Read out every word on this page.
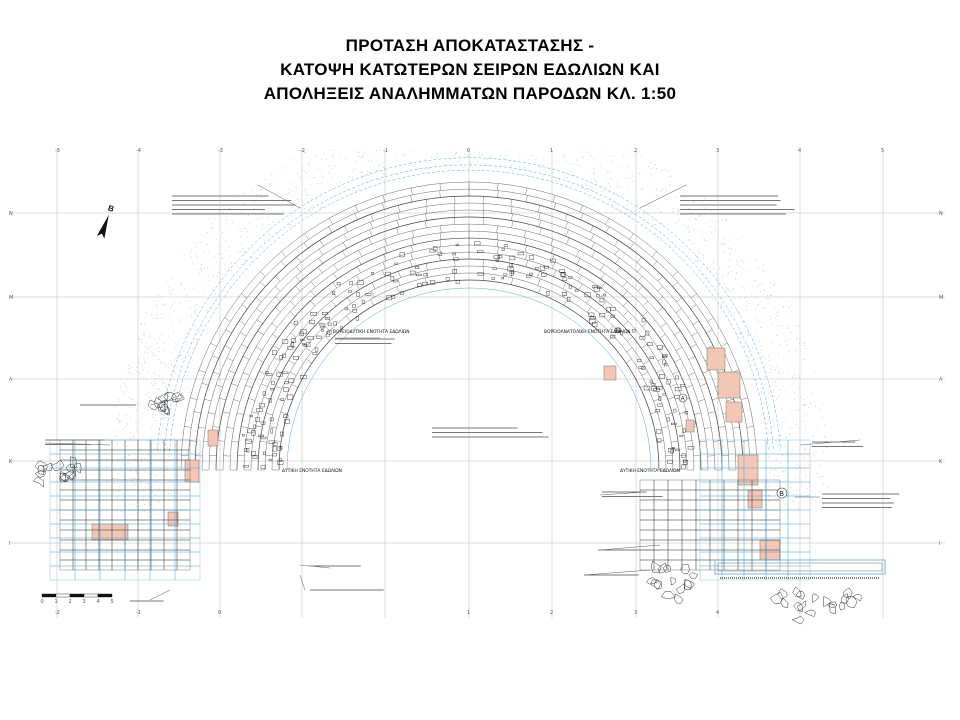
ΠΡΟΤΑΣΗ ΑΠΟΚΑΤΑΣΤΑΣΗΣ -
ΚΑΤΟΨΗ ΚΑΤΩΤΕΡΩΝ ΣΕΙΡΩΝ ΕΔΩΛΙΩΝ ΚΑΙ
ΑΠΟΛΗΞΕΙΣ ΑΝΑΛΗΜΜΑΤΩΝ ΠΑΡΟΔΩΝ ΚΛ. 1:50
-5	-4	-3	-2	-1	0	1	2	3	4	5
Ν	Ν
Μ	Μ
Λ	Λ
Κ	Κ
Ι	Ι
-2	-1	0	1	2	3	4
ΒΟΡΕΙΟΔΥΤΙΚΗ ΕΝΟΤΗΤΑ ΕΔΩΛΙΩΝ	ΒΟΡΕΙΟΑΝΑΤΟΛΙΚΗ ΕΝΟΤΗΤΑ ΕΔΩΛΙΩΝ
ΔΥΤΙΚΗ ΕΝΟΤΗΤΑ ΕΔΩΛΙΩΝ	ΔΥΤΙΚΗ ΕΝΟΤΗΤΑ ΕΔΩΛΙΩΝ
Β
A
B
0 1 2 3 4 5
